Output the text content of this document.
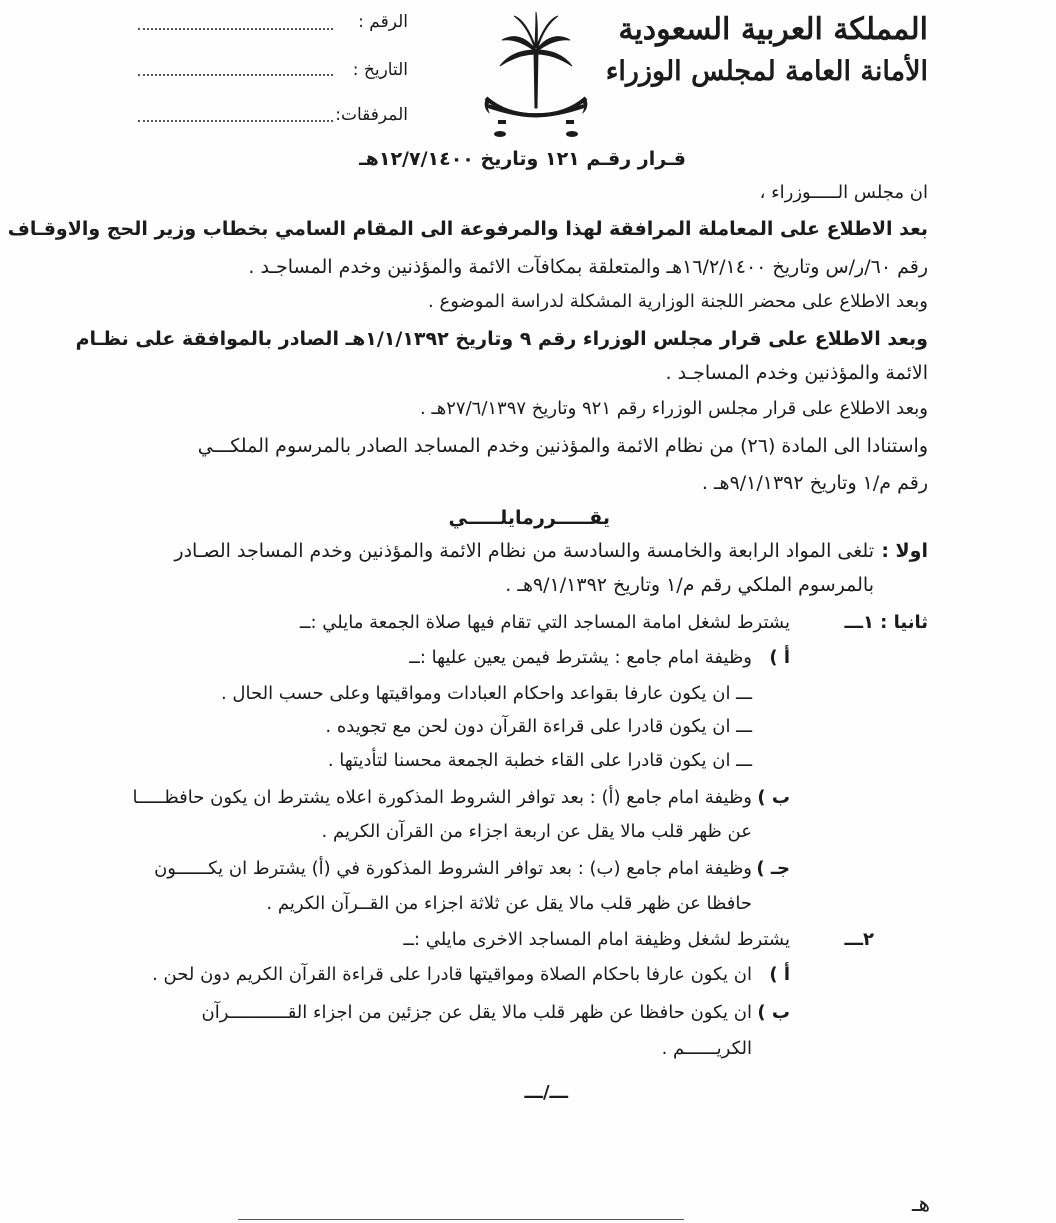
المملكة العربية السعودية
الأمانة العامة لمجلس الوزراء
الرقم :
التاريخ :
المرفقات:
قـرار رقـم ١٢١ وتاريخ ١٢/٧/١٤٠٠هـ
ان مجلس الـــــوزراء ،
بعد الاطلاع على المعاملة المرافقة لهذا والمرفوعة الى المقام السامي بخطاب وزير الحج والاوقـاف
رقم ٦٠/ر/س وتاريخ ١٦/٢/١٤٠٠هـ والمتعلقة بمكافآت الائمة والمؤذنين وخدم المساجـد .
وبعد الاطلاع على محضر اللجنة الوزارية المشكلة لدراسة الموضوع .
وبعد الاطلاع على قرار مجلس الوزراء رقم ٩ وتاريخ ١/١/١٣٩٢هـ الصادر بالموافقة على نظـام
الائمة والمؤذنين وخدم المساجـد .
وبعد الاطلاع على قرار مجلس الوزراء رقم ٩٢١ وتاريخ ٢٧/٦/١٣٩٧هـ .
واستنادا الى المادة (٢٦) من نظام الائمة والمؤذنين وخدم المساجد الصادر بالمرسوم الملكـــي
رقم م/١ وتاريخ ٩/١/١٣٩٢هـ .
يقـــــررمايلـــــي
اولا :
تلغى المواد الرابعة والخامسة والسادسة من نظام الائمة والمؤذنين وخدم المساجد الصـادر
بالمرسوم الملكي رقم م/١ وتاريخ ٩/١/١٣٩٢هـ .
ثانيا :
١ـــ
يشترط لشغل امامة المساجد التي تقام فيها صلاة الجمعة مايلي :ــ
أ )
وظيفة امام جامع : يشترط فيمن يعين عليها :ــ
ـــ ان يكون عارفا بقواعد واحكام العبادات ومواقيتها وعلى حسب الحال .
ـــ ان يكون قادرا على قراءة القرآن دون لحن مع تجويده .
ـــ ان يكون قادرا على القاء خطبة الجمعة محسنا لتأديتها .
ب )
وظيفة امام جامع (أ) : بعد توافر الشروط المذكورة اعلاه يشترط ان يكون حافظـــــا
عن ظهر قلب مالا يقل عن اربعة اجزاء من القرآن الكريم .
جـ )
وظيفة امام جامع (ب) : بعد توافر الشروط المذكورة في (أ) يشترط ان يكــــــون
حافظا عن ظهر قلب مالا يقل عن ثلاثة اجزاء من القــرآن الكريم .
٢ـــ
يشترط لشغل وظيفة امام المساجد الاخرى مايلي :ــ
أ )
ان يكون عارفا باحكام الصلاة ومواقيتها قادرا على قراءة القرآن الكريم دون لحن .
ب )
ان يكون حافظا عن ظهر قلب مالا يقل عن جزئين من اجزاء القـــــــــــرآن
الكريــــــم .
ـــ/ـــ
هـ
